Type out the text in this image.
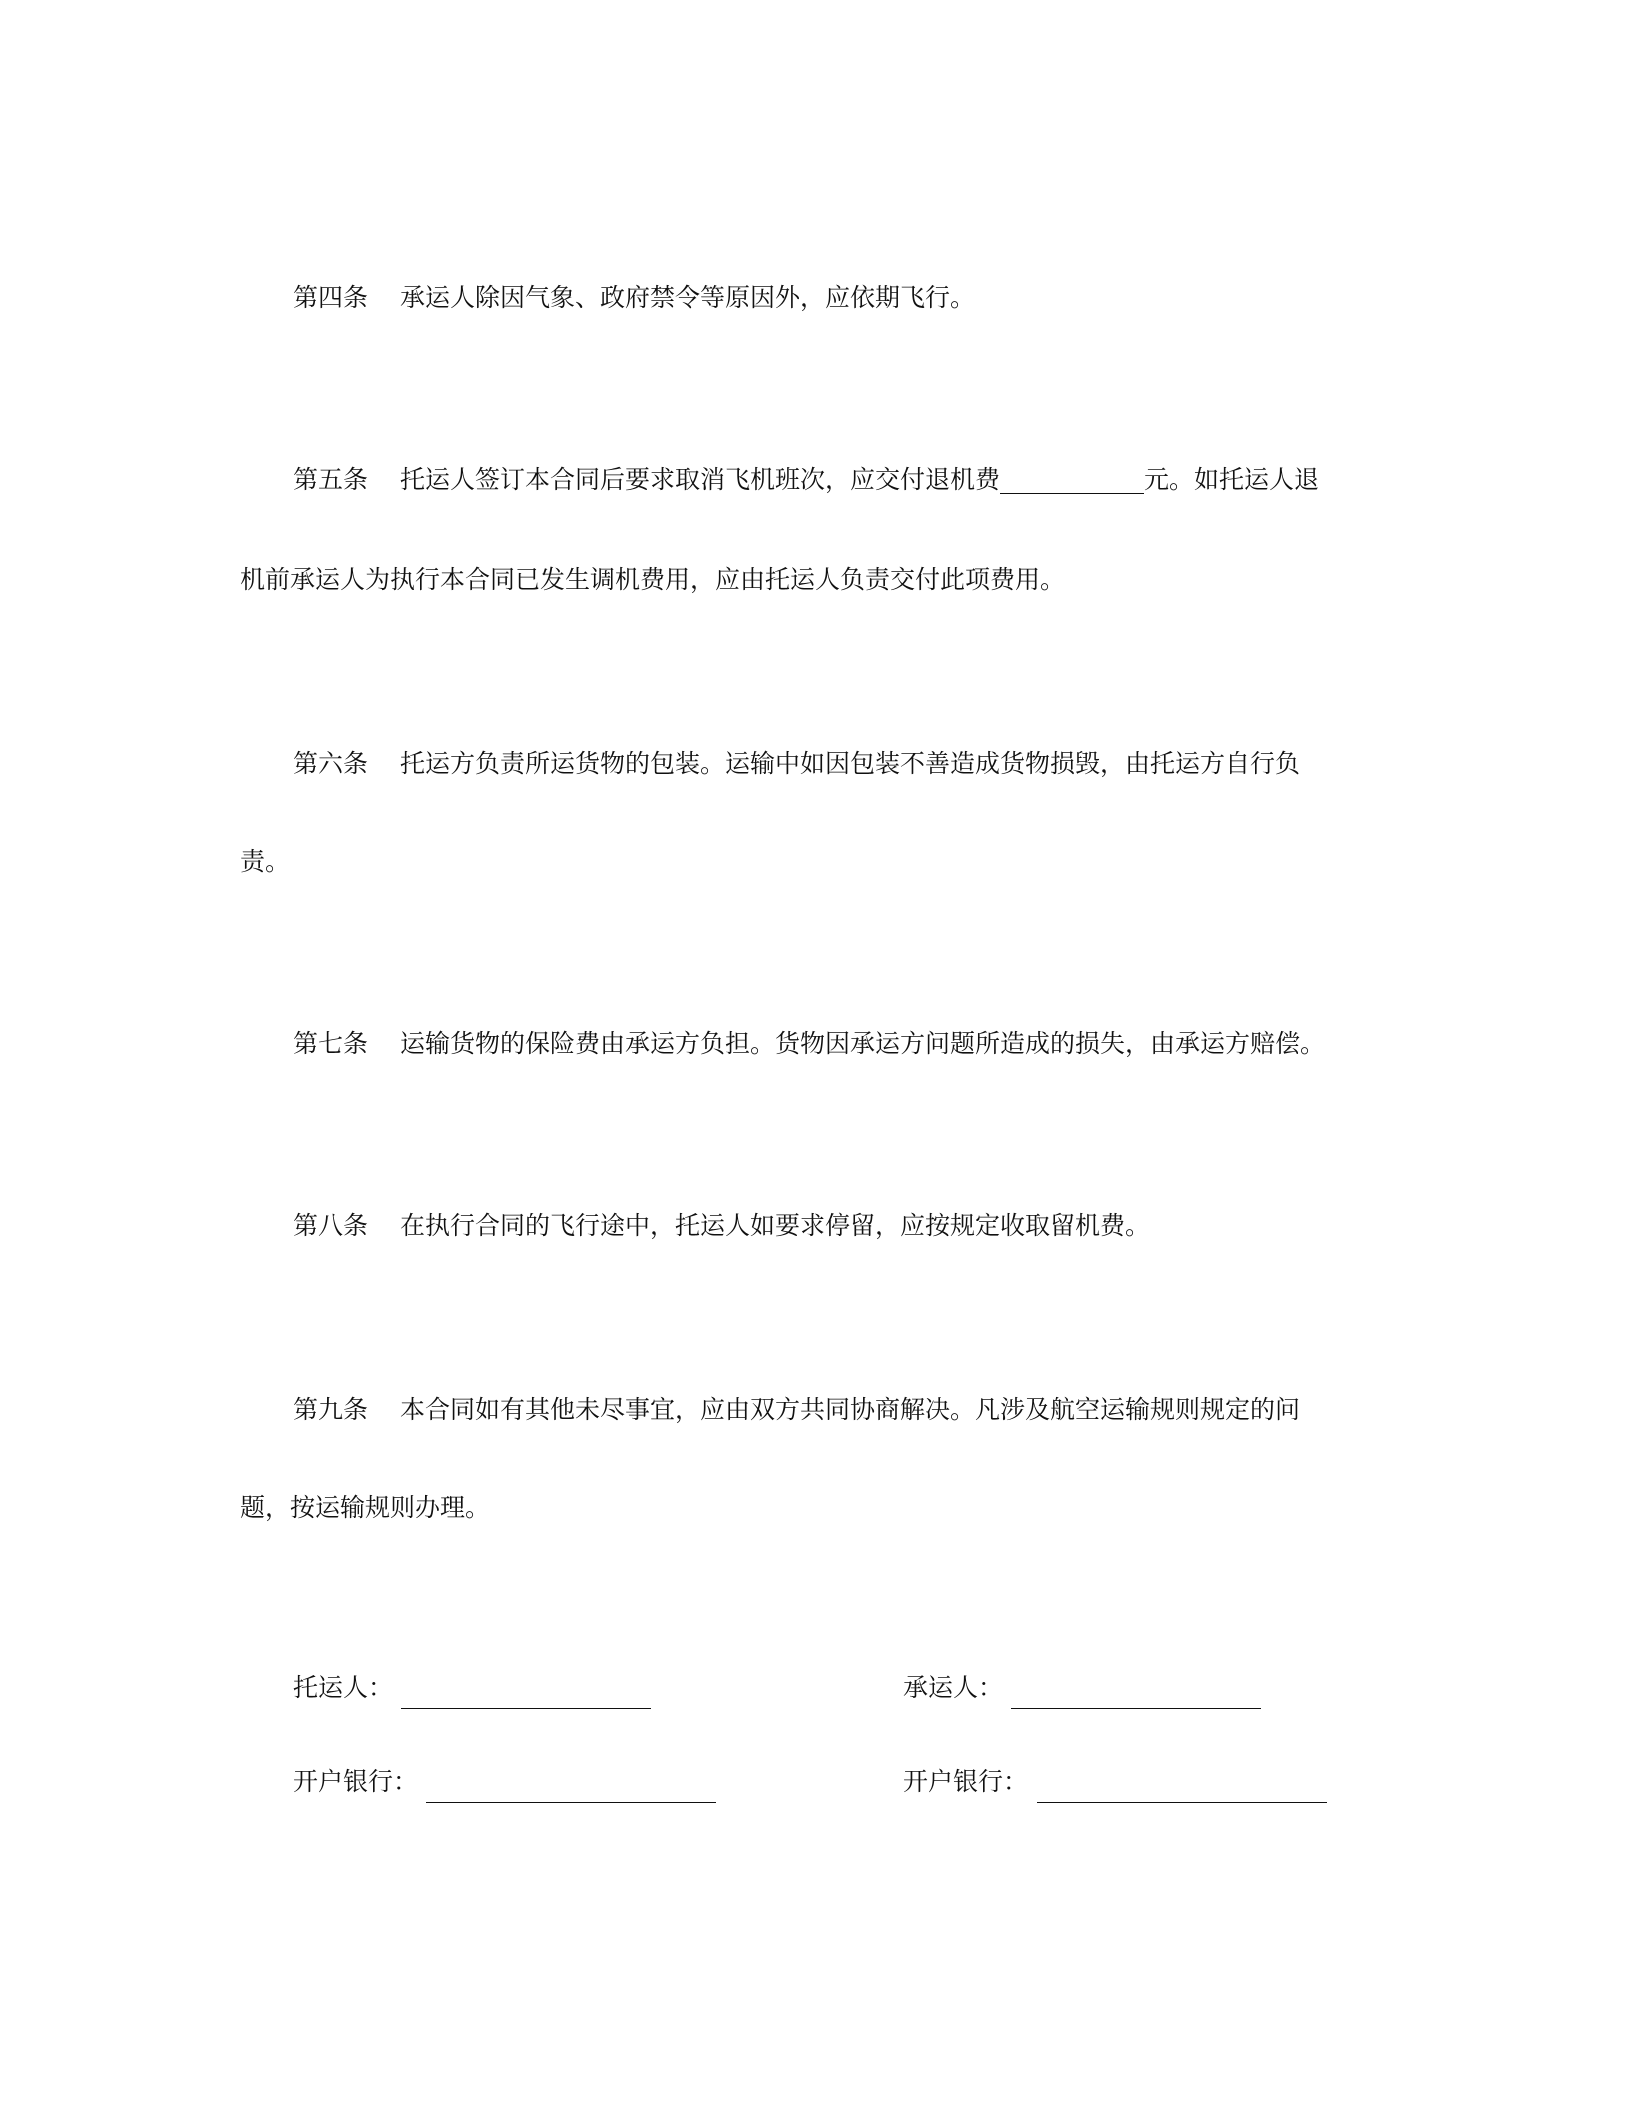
第四条 承运人除因气象、政府禁令等原因外，应依期飞行。
第五条 托运人签订本合同后要求取消飞机班次，应交付退机费	元。如托运人退
机前承运人为执行本合同已发生调机费用，应由托运人负责交付此项费用。
第六条 托运方负责所运货物的包装。运输中如因包装不善造成货物损毁，由托运方自行负
责。
第七条 运输货物的保险费由承运方负担。货物因承运方问题所造成的损失，由承运方赔偿。
第八条 在执行合同的飞行途中，托运人如要求停留，应按规定收取留机费。
第九条 本合同如有其他未尽事宜，应由双方共同协商解决。凡涉及航空运输规则规定的问
题，按运输规则办理。
托运人：	承运人：
开户银行：	开户银行：
